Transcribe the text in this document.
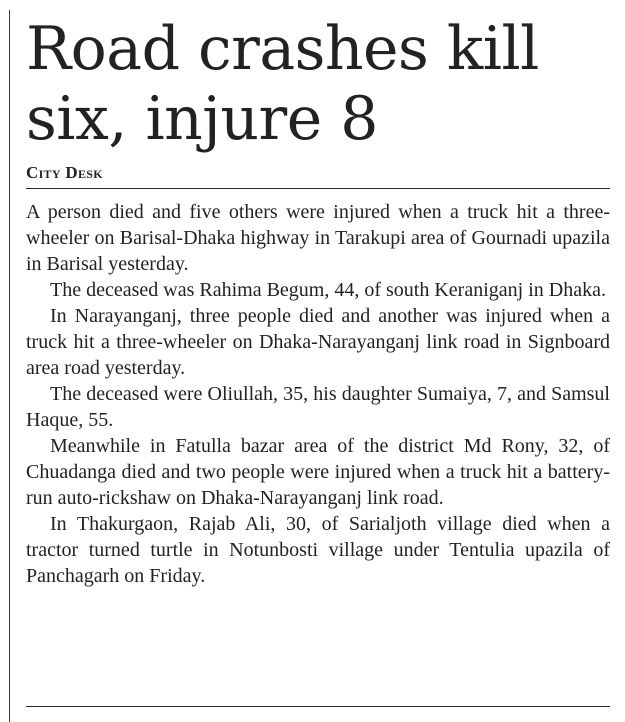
Road crashes kill six, injure 8
City Desk

A person died and five others were injured when a truck hit a three-wheeler on Barisal-Dhaka highway in Tarakupi area of Gournadi upazila in Barisal yesterday.

The deceased was Rahima Begum, 44, of south Keraniganj in Dhaka.

In Narayanganj, three people died and another was injured when a truck hit a three-wheeler on Dhaka-Narayanganj link road in Signboard area road yesterday.

The deceased were Oliullah, 35, his daughter Sumaiya, 7, and Samsul Haque, 55.

Meanwhile in Fatulla bazar area of the district Md Rony, 32, of Chuadanga died and two people were injured when a truck hit a battery-run auto-rickshaw on Dhaka-Narayanganj link road.

In Thakurgaon, Rajab Ali, 30, of Sarialjoth village died when a tractor turned turtle in Notunbosti village under Tentulia upazila of Panchagarh on Friday.
